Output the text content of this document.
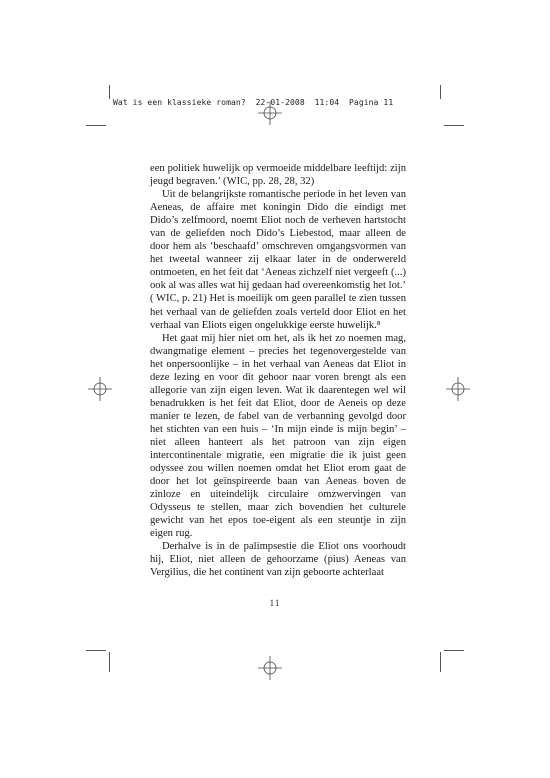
Wat is een klassieke roman?  22-01-2008  11:04  Pagina 11

een politiek huwelijk op vermoeide middelbare leeftijd: zijn jeugd begraven.’ (WIC, pp. 28, 28, 32)

Uit de belangrijkste romantische periode in het leven van Aeneas, de affaire met koningin Dido die eindigt met Dido’s zelfmoord, noemt Eliot noch de verheven hartstocht van de geliefden noch Dido’s Liebestod, maar alleen de door hem als ‘beschaafd’ omschreven omgangsvormen van het tweetal wanneer zij elkaar later in de onderwereld ontmoeten, en het feit dat ‘Aeneas zichzelf niet vergeeft (...) ook al was alles wat hij gedaan had overeenkomstig het lot.’ ( WIC, p. 21) Het is moeilijk om geen parallel te zien tussen het verhaal van de geliefden zoals verteld door Eliot en het verhaal van Eliots eigen ongelukkige eerste huwelijk.⁸

Het gaat mij hier niet om het, als ik het zo noemen mag, dwangmatige element – precies het tegenovergestelde van het onpersoonlijke – in het verhaal van Aeneas dat Eliot in deze lezing en voor dit gehoor naar voren brengt als een allegorie van zijn eigen leven. Wat ik daarentegen wel wil benadrukken is het feit dat Eliot, door de Aeneis op deze manier te lezen, de fabel van de verbanning gevolgd door het stichten van een huis – ‘In mijn einde is mijn begin’ – niet alleen hanteert als het patroon van zijn eigen intercontinentale migratie, een migratie die ik juist geen odyssee zou willen noemen omdat het Eliot erom gaat de door het lot geïnspireerde baan van Aeneas boven de zinloze en uiteindelijk circulaire omzwervingen van Odysseus te stellen, maar zich bovendien het culturele gewicht van het epos toe-eigent als een steuntje in zijn eigen rug.

Derhalve is in de palimpsestie die Eliot ons voorhoudt hij, Eliot, niet alleen de gehoorzame (pius) Aeneas van Vergilius, die het continent van zijn geboorte achterlaat

11
